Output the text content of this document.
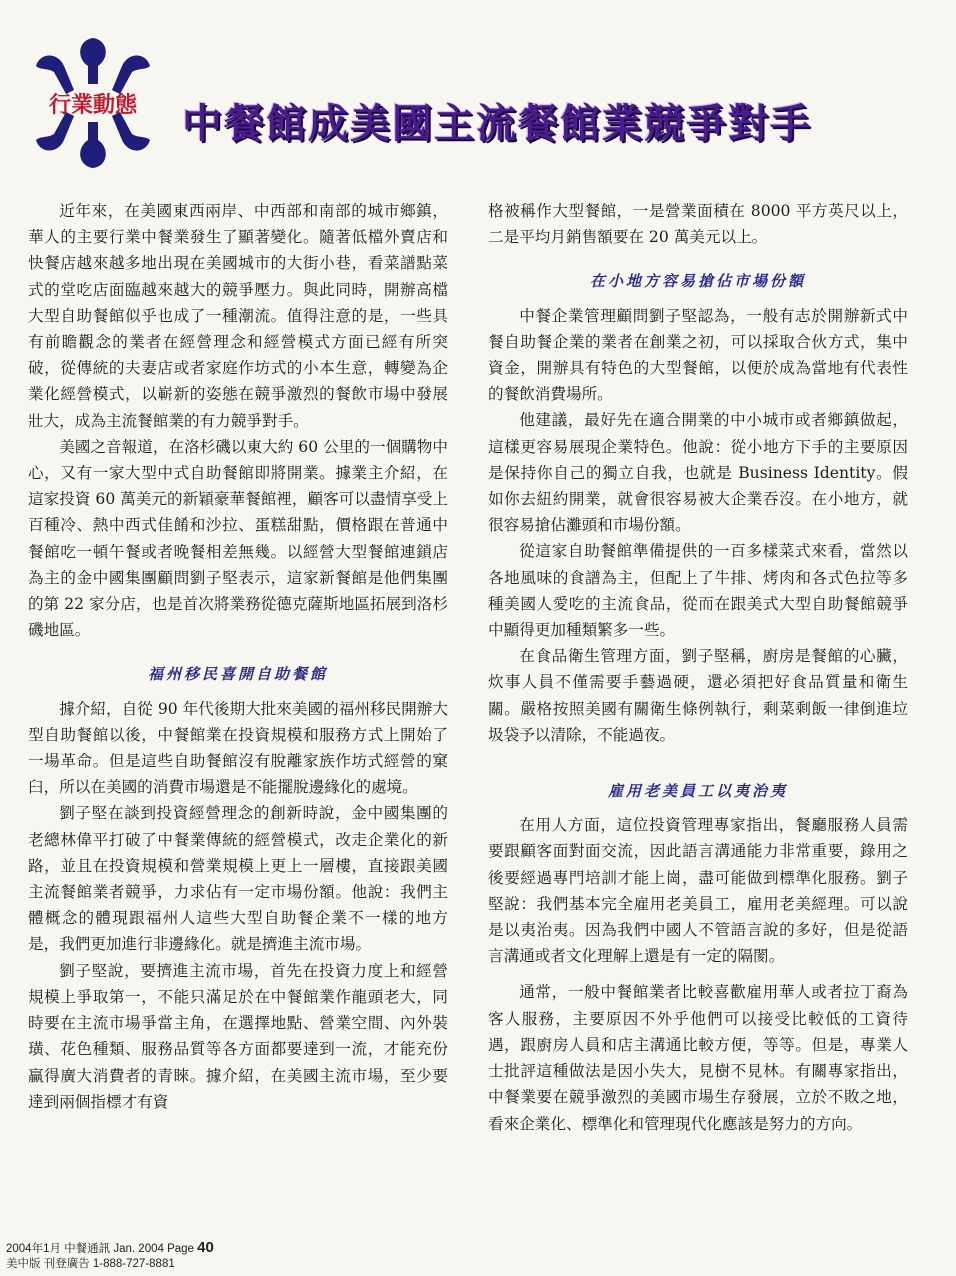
行業動態 中餐館成美國主流餐館業競爭對手

近年來，在美國東西兩岸、中西部和南部的城市鄉鎮，華人的主要行業中餐業發生了顯著變化。隨著低檔外賣店和快餐店越來越多地出現在美國城市的大街小巷，看菜譜點菜式的堂吃店面臨越來越大的競爭壓力。與此同時，開辦高檔大型自助餐館似乎也成了一種潮流。值得注意的是，一些具有前瞻觀念的業者在經營理念和經營模式方面已經有所突破，從傳統的夫妻店或者家庭作坊式的小本生意，轉變為企業化經營模式，以嶄新的姿態在競爭激烈的餐飲市場中發展壯大，成為主流餐館業的有力競爭對手。

美國之音報道，在洛杉磯以東大約 60 公里的一個購物中心，又有一家大型中式自助餐館即將開業。據業主介紹，在這家投資 60 萬美元的新穎豪華餐館裡，顧客可以盡情享受上百種冷、熱中西式佳餚和沙拉、蛋糕甜點，價格跟在普通中餐館吃一頓午餐或者晚餐相差無幾。以經營大型餐館連鎖店為主的金中國集團顧問劉子堅表示，這家新餐館是他們集團的第 22 家分店，也是首次將業務從德克薩斯地區拓展到洛杉磯地區。

福州移民喜開自助餐館

據介紹，自從 90 年代後期大批來美國的福州移民開辦大型自助餐館以後，中餐館業在投資規模和服務方式上開始了一場革命。但是這些自助餐館沒有脫離家族作坊式經營的窠臼，所以在美國的消費市場還是不能擺脫邊緣化的處境。

劉子堅在談到投資經營理念的創新時說，金中國集團的老總林偉平打破了中餐業傳統的經營模式，改走企業化的新路，並且在投資規模和營業規模上更上一層樓，直接跟美國主流餐館業者競爭，力求佔有一定市場份額。他說：我們主體概念的體現跟福州人這些大型自助餐企業不一樣的地方是，我們更加進行非邊緣化。就是擠進主流市場。

劉子堅說，要擠進主流市場，首先在投資力度上和經營規模上爭取第一，不能只滿足於在中餐館業作龍頭老大，同時要在主流市場爭當主角，在選擇地點、營業空間、內外裝璜、花色種類、服務品質等各方面都要達到一流，才能充份贏得廣大消費者的青睞。據介紹，在美國主流市場，至少要達到兩個指標才有資

格被稱作大型餐館，一是營業面積在 8000 平方英尺以上，二是平均月銷售額要在 20 萬美元以上。

在小地方容易搶佔市場份額

中餐企業管理顧問劉子堅認為，一般有志於開辦新式中餐自助餐企業的業者在創業之初，可以採取合伙方式，集中資金，開辦具有特色的大型餐館，以便於成為當地有代表性的餐飲消費場所。

他建議，最好先在適合開業的中小城市或者鄉鎮做起，這樣更容易展現企業特色。他說：從小地方下手的主要原因是保持你自己的獨立自我，也就是 Business Identity。假如你去紐約開業，就會很容易被大企業吞沒。在小地方，就很容易搶佔灘頭和市場份額。

從這家自助餐館準備提供的一百多樣菜式來看，當然以各地風味的食譜為主，但配上了牛排、烤肉和各式色拉等多種美國人愛吃的主流食品，從而在跟美式大型自助餐館競爭中顯得更加種類繁多一些。

在食品衛生管理方面，劉子堅稱，廚房是餐館的心臟，炊事人員不僅需要手藝過硬，還必須把好食品質量和衛生關。嚴格按照美國有關衛生條例執行，剩菜剩飯一律倒進垃圾袋予以清除，不能過夜。

雇用老美員工以夷治夷

在用人方面，這位投資管理專家指出，餐廳服務人員需要跟顧客面對面交流，因此語言溝通能力非常重要，錄用之後要經過專門培訓才能上崗，盡可能做到標準化服務。劉子堅說：我們基本完全雇用老美員工，雇用老美經理。可以說是以夷治夷。因為我們中國人不管語言說的多好，但是從語言溝通或者文化理解上還是有一定的隔閡。

通常，一般中餐館業者比較喜歡雇用華人或者拉丁裔為客人服務，主要原因不外乎他們可以接受比較低的工資待遇，跟廚房人員和店主溝通比較方便，等等。但是，專業人士批評這種做法是因小失大，見樹不見林。有關專家指出，中餐業要在競爭激烈的美國市場生存發展，立於不敗之地，看來企業化、標準化和管理現代化應該是努力的方向。

2004年1月 中餐通訊 Jan. 2004 Page 40
美中版 刊登廣告 1-888-727-8881
